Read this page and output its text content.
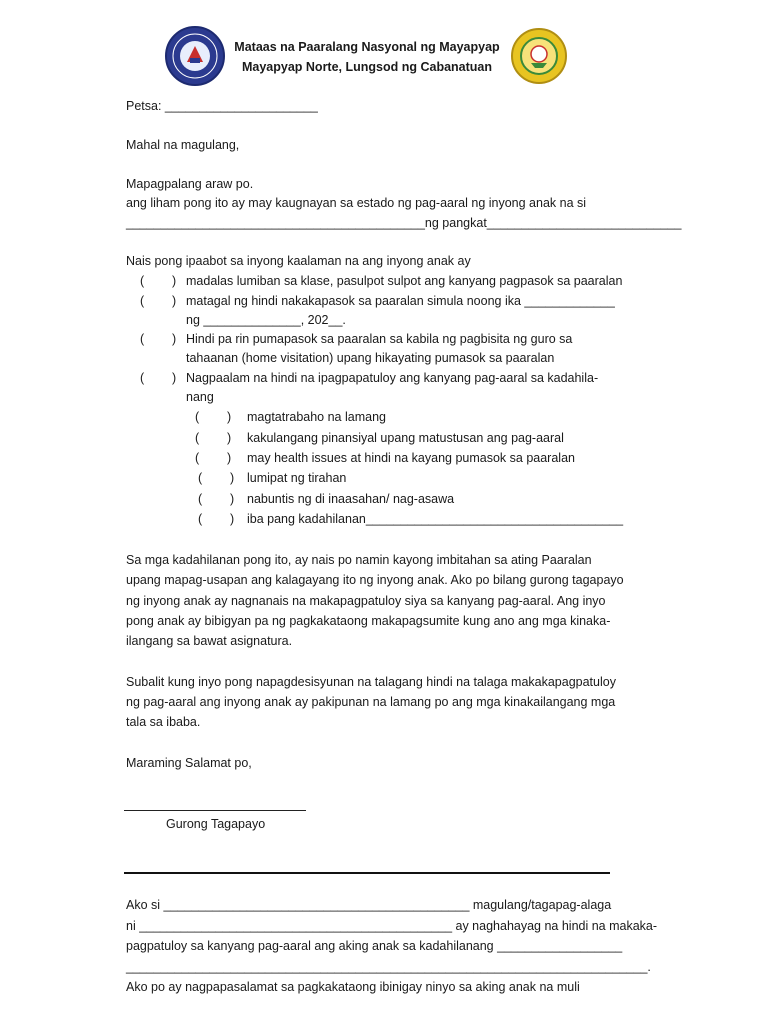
Mataas na Paaralang Nasyonal ng Mayapyap
Mayapyap Norte, Lungsod ng Cabanatuan
Petsa: ______________________
Mahal na magulang,
Mapagpalang araw po.
ang liham pong ito ay may kaugnayan sa estado ng pag-aaral ng inyong anak na si
___________________________________________ng pangkat____________________________
Nais pong ipaabot sa inyong kaalaman na ang inyong anak ay
(        ) madalas lumiban sa klase, pasulpot sulpot ang kanyang pagpasok sa paaralan
(        ) matagal ng hindi nakakapasok sa paaralan simula noong ika _____________
ng ______________, 202__.
(        ) Hindi pa rin pumapasok sa paaralan sa kabila ng pagbisita ng guro sa
tahaanan (home visitation) upang hikayating pumasok sa paaralan
(        ) Nagpaalam na hindi na ipagpapatuloy ang kanyang pag-aaral sa kadahila-
nang
(        ) magtatrabaho na lamang
(        ) kakulangang pinansiyal upang matustusan ang pag-aaral
(        ) may health issues at hindi na kayang pumasok sa paaralan
(        ) lumipat ng tirahan
(        ) nabuntis ng di inaasahan/ nag-asawa
(        ) iba pang kadahilanan_____________________________________
Sa mga kadahilanan pong ito, ay nais po namin kayong imbitahan sa ating Paaralan
upang mapag-usapan ang kalagayang ito ng inyong anak. Ako po bilang gurong tagapayo
ng inyong anak ay nagnanais na makapagpatuloy siya sa kanyang pag-aaral. Ang inyo
pong anak ay bibigyan pa ng pagkakataong makapagsumite kung ano ang mga kinaka-
ilangang sa bawat asignatura.
Subalit kung inyo pong napagdesisyunan na talagang hindi na talaga makakapagpatuloy
ng pag-aaral ang inyong anak ay pakipunan na lamang po ang mga kinakailangang mga
tala sa ibaba.
Maraming Salamat po,
Gurong Tagapayo
Ako si ____________________________________________ magulang/tagapag-alaga
ni _____________________________________________ ay naghahayag na hindi na makaka-
pagpatuloy sa kanyang pag-aaral ang aking anak sa kadahilanang __________________
___________________________________________________________________________.
Ako po ay nagpapasalamat sa pagkakataong ibinigay ninyo sa aking anak na muli
